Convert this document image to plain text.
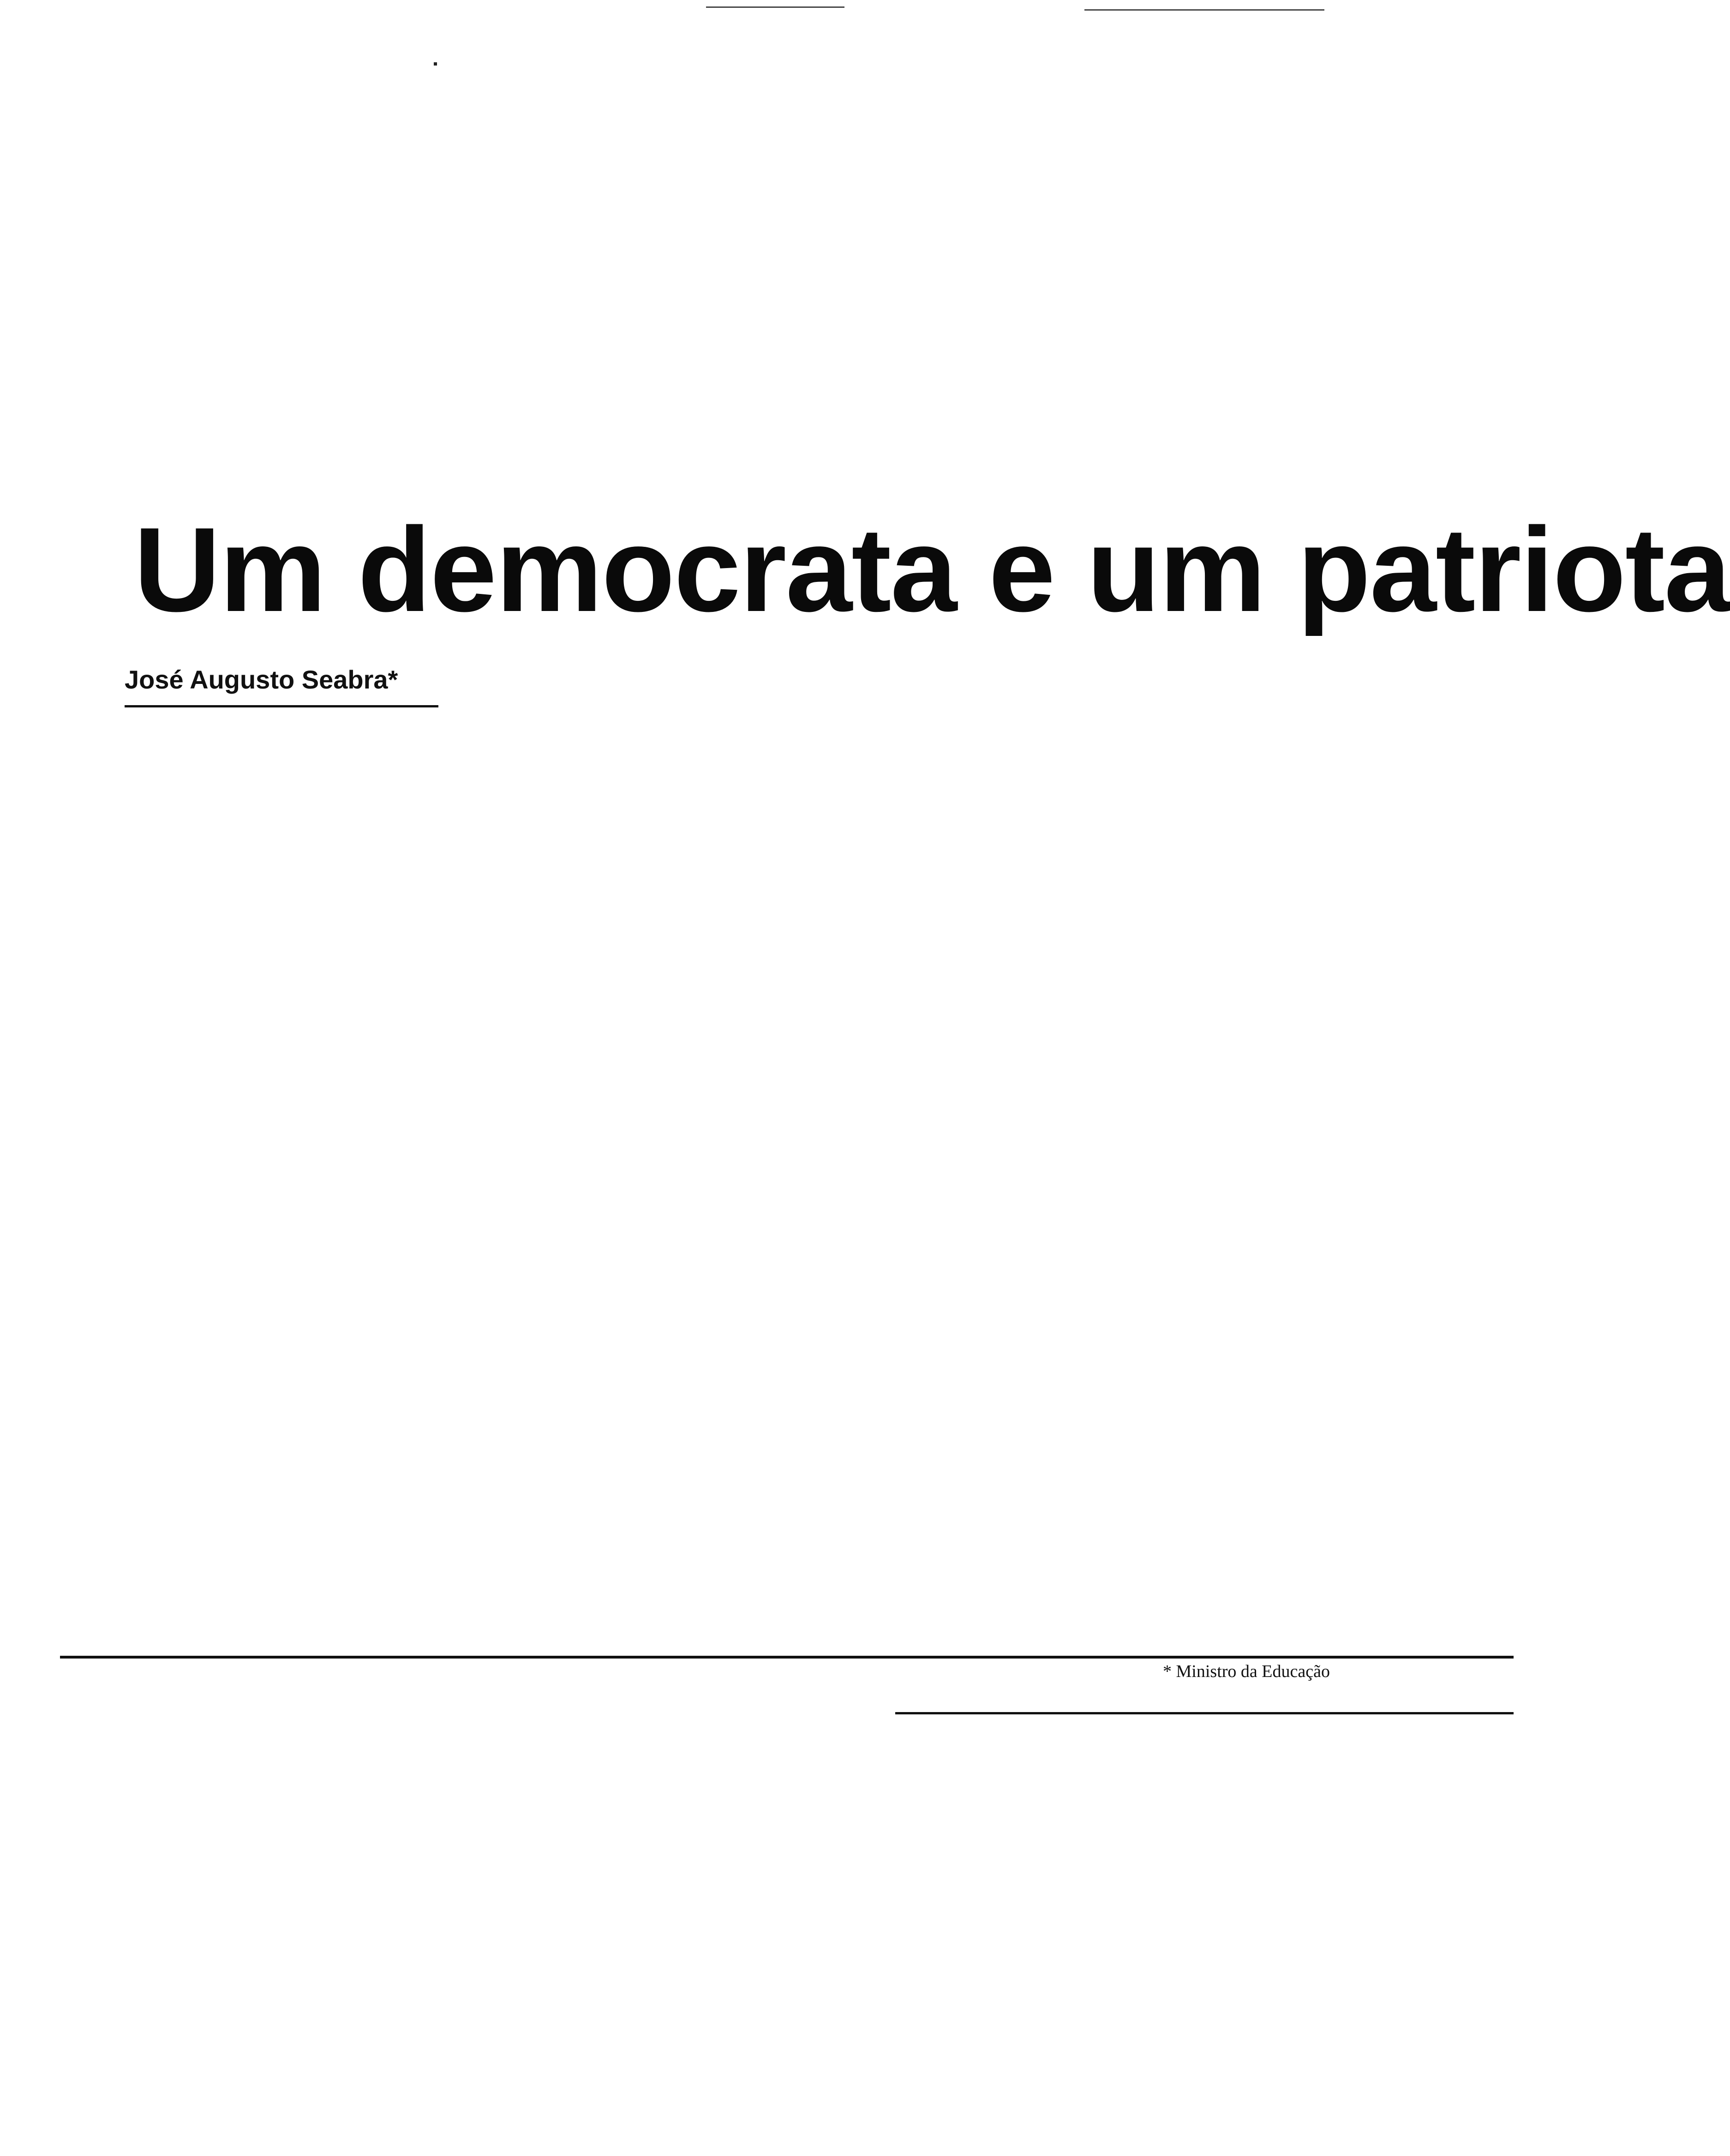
Um democrata e um patriota
José Augusto Seabra*

* Ministro da Educação
